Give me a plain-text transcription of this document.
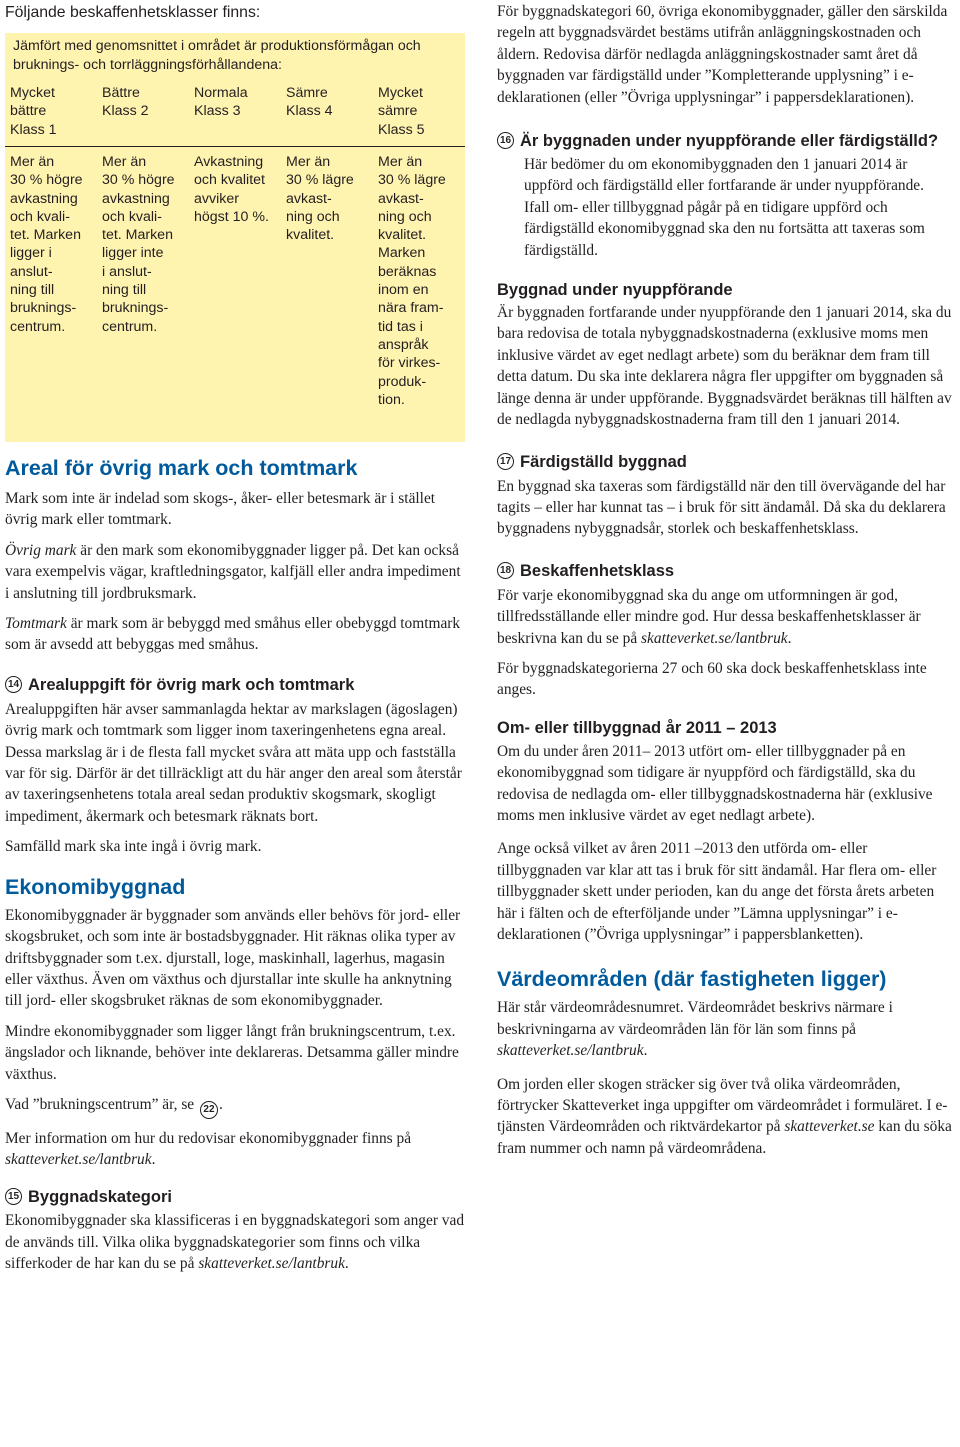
Följande beskaffenhetsklasser finns:
Jämfört med genomsnittet i området är produktionsförmågan och bruknings- och torrläggningsförhållandena:
Mycket
bättre
Klass 1
Bättre
Klass 2
Normala
Klass 3
Sämre
Klass 4
Mycket
sämre
Klass 5
Mer än
30 % högre
avkastning
och kvali-
tet. Marken
ligger i
anslut-
ning till
bruknings-
centrum.
Mer än
30 % högre
avkastning
och kvali-
tet. Marken
ligger inte
i anslut-
ning till
bruknings-
centrum.
Avkastning
och kvalitet
avviker
högst 10 %.
Mer än
30 % lägre
avkast-
ning och
kvalitet.
Mer än
30 % lägre
avkast-
ning och
kvalitet.
Marken
beräknas
inom en
nära fram-
tid tas i
anspråk
för virkes-
produk-
tion.
Areal för övrig mark och tomtmark

Mark som inte är indelad som skogs-, åker- eller betesmark är i stället övrig mark eller tomtmark.

Övrig mark är den mark som ekonomibyggnader ligger på. Det kan också vara exempelvis vägar, kraftledningsgator, kalfjäll eller andra impediment i anslutning till jordbruksmark.

Tomtmark är mark som är bebyggd med småhus eller obebyggd tomtmark som är avsedd att bebyggas med småhus.

14 Arealuppgift för övrig mark och tomtmark

Arealuppgiften här avser sammanlagda hektar av markslagen (ägoslagen) övrig mark och tomtmark som ligger inom taxeringenhetens egna areal. Dessa markslag är i de flesta fall mycket svåra att mäta upp och fastställa var för sig. Därför är det tillräckligt att du här anger den areal som återstår av taxeringsenhetens totala areal sedan produktiv skogsmark, skogligt impediment, åkermark och betesmark räknats bort.

Samfälld mark ska inte ingå i övrig mark.

Ekonomibyggnad

Ekonomibyggnader är byggnader som används eller behövs för jord- eller skogsbruket, och som inte är bostadsbyggnader. Hit räknas olika typer av driftsbyggnader som t.ex. djurstall, loge, maskinhall, lagerhus, magasin eller växthus. Även om växthus och djurstallar inte skulle ha anknytning till jord- eller skogsbruket räknas de som ekonomibyggnader.

Mindre ekonomibyggnader som ligger långt från brukningscentrum, t.ex. ängslador och liknande, behöver inte deklareras. Detsamma gäller mindre växthus.

Vad ”brukningscentrum” är, se 22 .

Mer information om hur du redovisar ekonomibyggnader finns på skatteverket.se/lantbruk.

15 Byggnadskategori

Ekonomibyggnader ska klassificeras i en byggnadskategori som anger vad de används till. Vilka olika byggnadskategorier som finns och vilka sifferkoder de har kan du se på skatteverket.se/lantbruk.

För byggnadskategori 60, övriga ekonomibyggnader, gäller den särskilda regeln att byggnadsvärdet bestäms utifrån anläggningskostnaden och åldern. Redovisa därför nedlagda anläggningskostnader samt året då byggnaden var färdigställd under ”Kompletterande upplysning” i e-deklarationen (eller ”Övriga upplysningar” i pappersdeklarationen).

16 Är byggnaden under nyuppförande eller färdigställd?

Här bedömer du om ekonomibyggnaden den 1 januari 2014 är uppförd och färdigställd eller fortfarande är under nyuppförande. Ifall om- eller tillbyggnad pågår på en tidigare uppförd och färdigställd ekonomibyggnad ska den nu fortsätta att taxeras som färdigställd.

Byggnad under nyuppförande

Är byggnaden fortfarande under nyuppförande den 1 januari 2014, ska du bara redovisa de totala nybyggnadskostnaderna (exklusive moms men inklusive värdet av eget nedlagt arbete) som du beräknar dem fram till detta datum. Du ska inte deklarera några fler uppgifter om byggnaden så länge denna är under uppförande. Byggnadsvärdet beräknas till hälften av de nedlagda nybyggnadskostnaderna fram till den 1 januari 2014.

17 Färdigställd byggnad

En byggnad ska taxeras som färdigställd när den till övervägande del har tagits – eller har kunnat tas – i bruk för sitt ändamål. Då ska du deklarera byggnadens nybyggnadsår, storlek och beskaffenhetsklass.

18 Beskaffenhetsklass

För varje ekonomibyggnad ska du ange om utformningen är god, tillfredsställande eller mindre god. Hur dessa beskaffenhetsklasser är beskrivna kan du se på skatteverket.se/lantbruk.

För byggnadskategorierna 27 och 60 ska dock beskaffenhetsklass inte anges.

Om- eller tillbyggnad år 2011 – 2013

Om du under åren 2011– 2013 utfört om- eller tillbyggnader på en ekonomibyggnad som tidigare är nyuppförd och färdigställd, ska du redovisa de nedlagda om- eller tillbyggnadskostnaderna här (exklusive moms men inklusive värdet av eget nedlagt arbete).

Ange också vilket av åren 2011 –2013 den utförda om- eller tillbyggnaden var klar att tas i bruk för sitt ändamål. Har flera om- eller tillbyggnader skett under perioden, kan du ange det första årets arbeten här i fälten och de efterföljande under ”Lämna upplysningar” i e-deklarationen (”Övriga upplysningar” i pappersblanketten).

Värdeområden (där fastigheten ligger)

Här står värdeområdesnumret. Värdeområdet beskrivs närmare i beskrivningarna av värdeområden län för län som finns på skatteverket.se/lantbruk.

Om jorden eller skogen sträcker sig över två olika värdeområden, förtrycker Skatteverket inga uppgifter om värdeområdet i formuläret. I e-tjänsten Värdeområden och riktvärdekartor på skatteverket.se kan du söka fram nummer och namn på värdeområdena.
